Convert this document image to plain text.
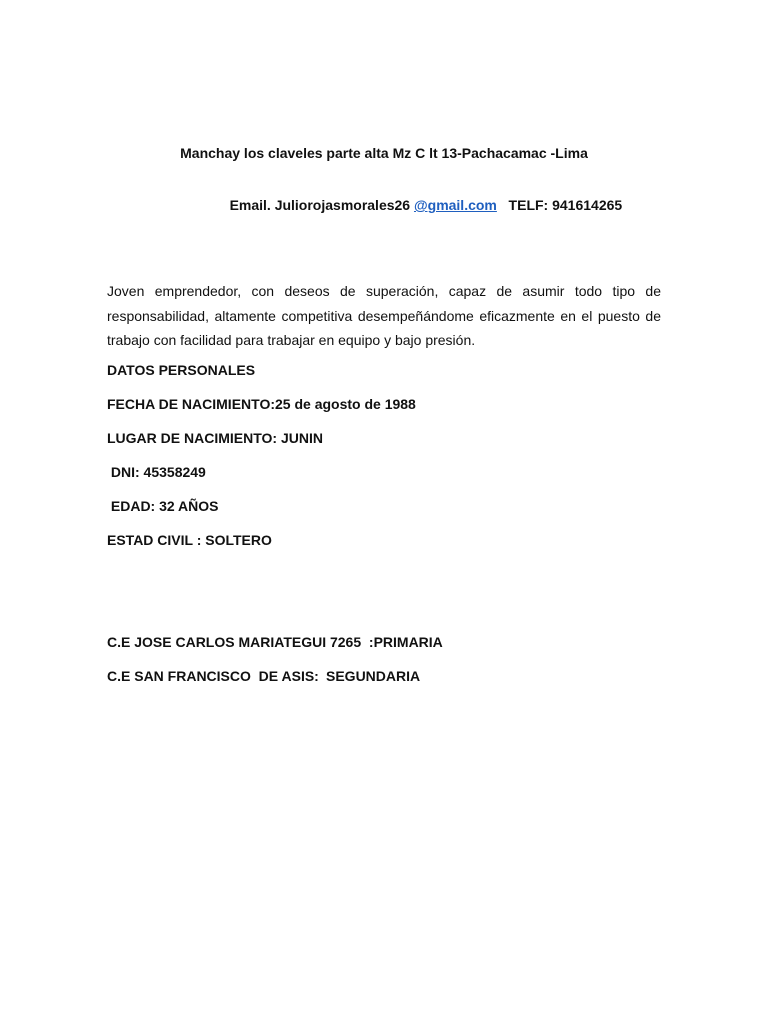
Manchay los claveles parte alta Mz C lt 13-Pachacamac -Lima

Email. Juliorojasmorales26 @gmail.com   TELF: 941614265

Joven emprendedor, con deseos de superación, capaz de asumir todo tipo de responsabilidad, altamente competitiva desempeñándome eficazmente en el puesto de trabajo con facilidad para trabajar en equipo y bajo presión.
DATOS PERSONALES
FECHA DE NACIMIENTO:25 de agosto de 1988
LUGAR DE NACIMIENTO: JUNIN
DNI: 45358249
EDAD: 32 AÑOS
ESTAD CIVIL : SOLTERO
C.E JOSE CARLOS MARIATEGUI 7265  :PRIMARIA
C.E SAN FRANCISCO  DE ASIS: SEGUNDARIA
